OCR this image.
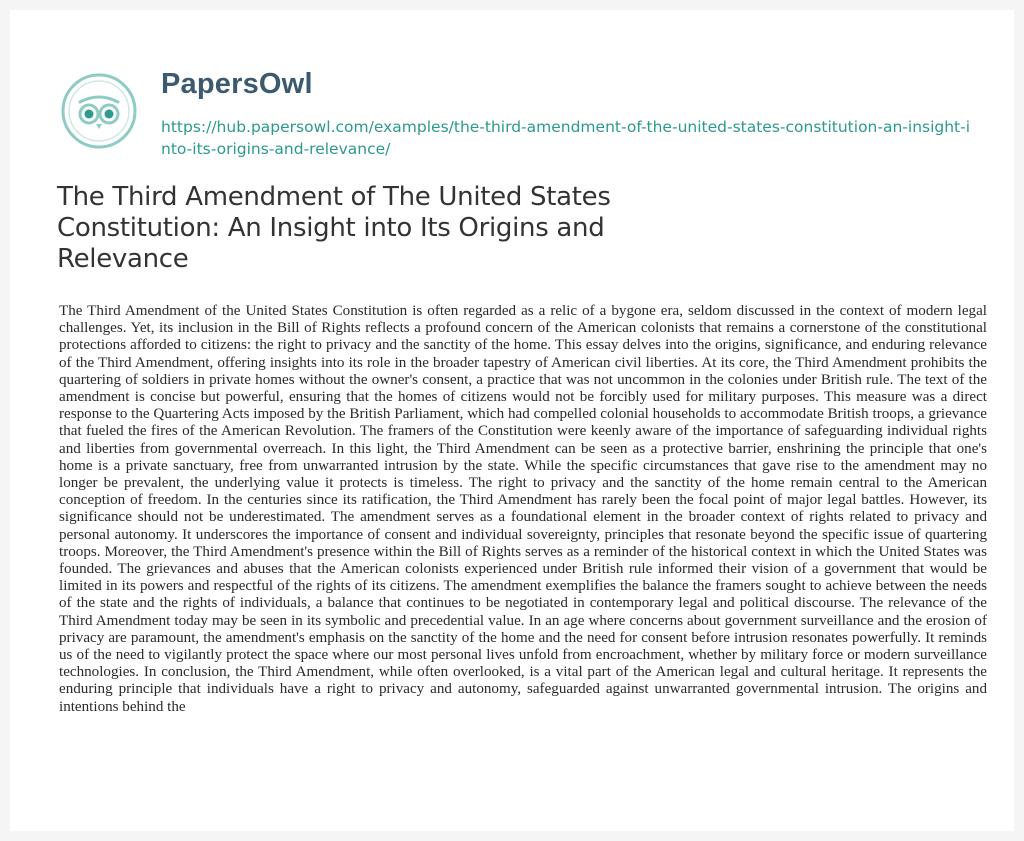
PapersOwl
https://hub.papersowl.com/examples/the-third-amendment-of-the-united-states-constitution-an-insight-into-its-origins-and-relevance/
The Third Amendment of The United States Constitution: An Insight into Its Origins and Relevance

The Third Amendment of the United States Constitution is often regarded as a relic of a bygone era, seldom discussed in the context of modern legal challenges. Yet, its inclusion in the Bill of Rights reflects a profound concern of the American colonists that remains a cornerstone of the constitutional protections afforded to citizens: the right to privacy and the sanctity of the home. This essay delves into the origins, significance, and enduring relevance of the Third Amendment, offering insights into its role in the broader tapestry of American civil liberties. At its core, the Third Amendment prohibits the quartering of soldiers in private homes without the owner's consent, a practice that was not uncommon in the colonies under British rule. The text of the amendment is concise but powerful, ensuring that the homes of citizens would not be forcibly used for military purposes. This measure was a direct response to the Quartering Acts imposed by the British Parliament, which had compelled colonial households to accommodate British troops, a grievance that fueled the fires of the American Revolution. The framers of the Constitution were keenly aware of the importance of safeguarding individual rights and liberties from governmental overreach. In this light, the Third Amendment can be seen as a protective barrier, enshrining the principle that one's home is a private sanctuary, free from unwarranted intrusion by the state. While the specific circumstances that gave rise to the amendment may no longer be prevalent, the underlying value it protects is timeless. The right to privacy and the sanctity of the home remain central to the American conception of freedom. In the centuries since its ratification, the Third Amendment has rarely been the focal point of major legal battles. However, its significance should not be underestimated. The amendment serves as a foundational element in the broader context of rights related to privacy and personal autonomy. It underscores the importance of consent and individual sovereignty, principles that resonate beyond the specific issue of quartering troops. Moreover, the Third Amendment's presence within the Bill of Rights serves as a reminder of the historical context in which the United States was founded. The grievances and abuses that the American colonists experienced under British rule informed their vision of a government that would be limited in its powers and respectful of the rights of its citizens. The amendment exemplifies the balance the framers sought to achieve between the needs of the state and the rights of individuals, a balance that continues to be negotiated in contemporary legal and political discourse. The relevance of the Third Amendment today may be seen in its symbolic and precedential value. In an age where concerns about government surveillance and the erosion of privacy are paramount, the amendment's emphasis on the sanctity of the home and the need for consent before intrusion resonates powerfully. It reminds us of the need to vigilantly protect the space where our most personal lives unfold from encroachment, whether by military force or modern surveillance technologies. In conclusion, the Third Amendment, while often overlooked, is a vital part of the American legal and cultural heritage. It represents the enduring principle that individuals have a right to privacy and autonomy, safeguarded against unwarranted governmental intrusion. The origins and intentions behind the
